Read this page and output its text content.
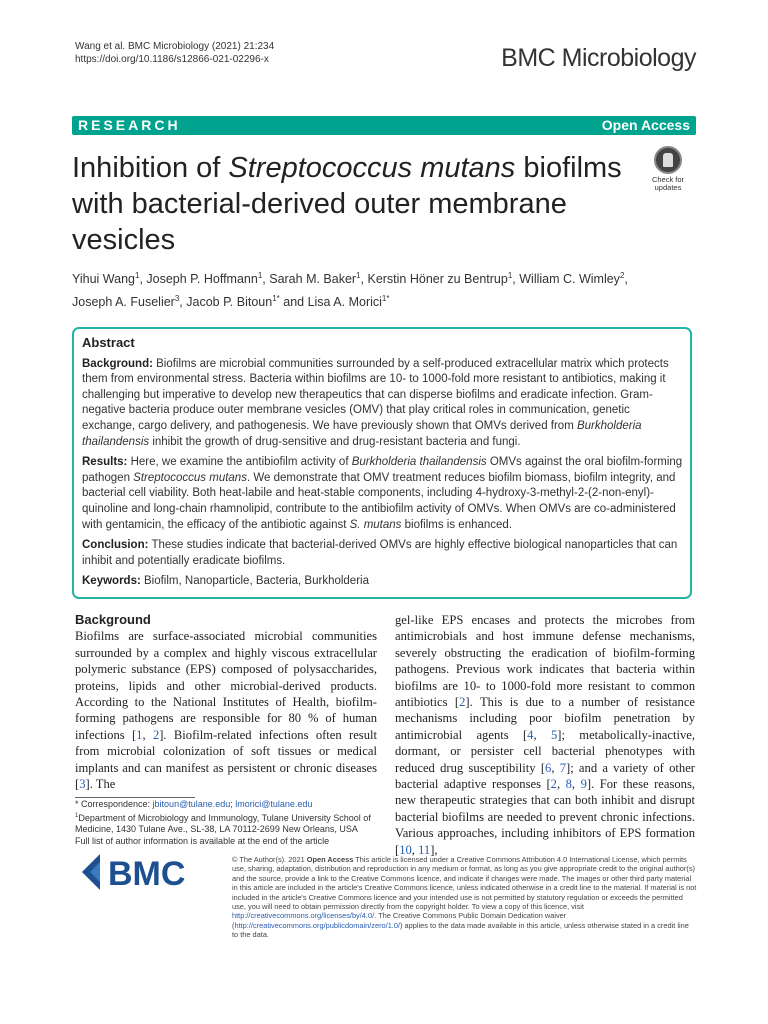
Wang et al. BMC Microbiology (2021) 21:234
https://doi.org/10.1186/s12866-021-02296-x	BMC Microbiology
RESEARCH	Open Access
Inhibition of Streptococcus mutans biofilms with bacterial-derived outer membrane vesicles
Check for
updates
Yihui Wang$^1$, Joseph P. Hoffmann$^1$, Sarah M. Baker$^1$, Kerstin Höner zu Bentrup$^1$, William C. Wimley$^2$,
Joseph A. Fuselier$^3$, Jacob P. Bitoun$^{1*}$ and Lisa A. Morici$^{1*}$
Abstract

Background: Biofilms are microbial communities surrounded by a self-produced extracellular matrix which protects them from environmental stress. Bacteria within biofilms are 10- to 1000-fold more resistant to antibiotics, making it challenging but imperative to develop new therapeutics that can disperse biofilms and eradicate infection. Gram-negative bacteria produce outer membrane vesicles (OMV) that play critical roles in communication, genetic exchange, cargo delivery, and pathogenesis. We have previously shown that OMVs derived from Burkholderia thailandensis inhibit the growth of drug-sensitive and drug-resistant bacteria and fungi.

Results: Here, we examine the antibiofilm activity of Burkholderia thailandensis OMVs against the oral biofilm-forming pathogen Streptococcus mutans. We demonstrate that OMV treatment reduces biofilm biomass, biofilm integrity, and bacterial cell viability. Both heat-labile and heat-stable components, including 4-hydroxy-3-methyl-2-(2-non-enyl)-quinoline and long-chain rhamnolipid, contribute to the antibiofilm activity of OMVs. When OMVs are co-administered with gentamicin, the efficacy of the antibiotic against S. mutans biofilms is enhanced.

Conclusion: These studies indicate that bacterial-derived OMVs are highly effective biological nanoparticles that can inhibit and potentially eradicate biofilms.

Keywords: Biofilm, Nanoparticle, Bacteria, Burkholderia

Background
Biofilms are surface-associated microbial communities surrounded by a complex and highly viscous extracellular polymeric substance (EPS) composed of polysaccharides, proteins, lipids and other microbial-derived products. According to the National Institutes of Health, biofilm-forming pathogens are responsible for 80 % of human infections [1, 2]. Biofilm-related infections often result from microbial colonization of soft tissues or medical implants and can manifest as persistent or chronic diseases [3]. The
gel-like EPS encases and protects the microbes from antimicrobials and host immune defense mechanisms, severely obstructing the eradication of biofilm-forming pathogens. Previous work indicates that bacteria within biofilms are 10- to 1000-fold more resistant to common antibiotics [2]. This is due to a number of resistance mechanisms including poor biofilm penetration by antimicrobial agents [4, 5]; metabolically-inactive, dormant, or persister cell bacterial phenotypes with reduced drug susceptibility [6, 7]; and a variety of other bacterial adaptive responses [2, 8, 9]. For these reasons, new therapeutic strategies that can both inhibit and disrupt bacterial biofilms are needed to prevent chronic infections. Various approaches, including inhibitors of EPS formation [10, 11],
* Correspondence: jbitoun@tulane.edu; lmorici@tulane.edu
$^1$Department of Microbiology and Immunology, Tulane University School of Medicine, 1430 Tulane Ave., SL-38, LA 70112-2699 New Orleans, USA
Full list of author information is available at the end of the article
BMC	© The Author(s). 2021 Open Access This article is licensed under a Creative Commons Attribution 4.0 International License, which permits use, sharing, adaptation, distribution and reproduction in any medium or format, as long as you give appropriate credit to the original author(s) and the source, provide a link to the Creative Commons licence, and indicate if changes were made. The images or other third party material in this article are included in the article's Creative Commons licence, unless indicated otherwise in a credit line to the material. If material is not included in the article's Creative Commons licence and your intended use is not permitted by statutory regulation or exceeds the permitted use, you will need to obtain permission directly from the copyright holder. To view a copy of this licence, visit http://creativecommons.org/licenses/by/4.0/. The Creative Commons Public Domain Dedication waiver (http://creativecommons.org/publicdomain/zero/1.0/) applies to the data made available in this article, unless otherwise stated in a credit line to the data.
